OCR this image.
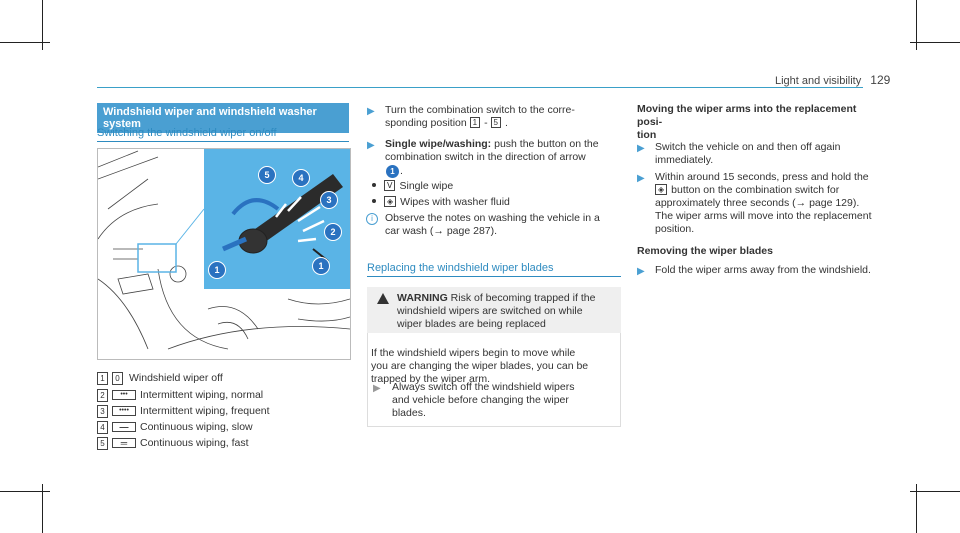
Light and visibility 129
Windshield wiper and windshield washer system
Switching the windshield wiper on/off
1
2
3
4
5
1
1	0 Windshield wiper off
2	•••	Intermittent wiping, normal
3	••••	Intermittent wiping, frequent
4	—	Continuous wiping, slow
5	═	Continuous wiping, fast
▶ Turn the combination switch to the corre-
sponding position 1 - 5 .
▶ Single wipe/washing: push the button on the
combination switch in the direction of arrow
1 .
Ⅴ Single wipe
◈ Wipes with washer fluid
i	Observe the notes on washing the vehicle in a
car wash (→ page 287).
Replacing the windshield wiper blades
WARNING Risk of becoming trapped if the
windshield wipers are switched on while
wiper blades are being replaced
If the windshield wipers begin to move while
you are changing the wiper blades, you can be
trapped by the wiper arm.
▶ Always switch off the windshield wipers
and vehicle before changing the wiper
blades.
Moving the wiper arms into the replacement posi-
tion
▶ Switch the vehicle on and then off again
immediately.
▶ Within around 15 seconds, press and hold the
◈ button on the combination switch for
approximately three seconds (→ page 129).
The wiper arms will move into the replacement
position.
Removing the wiper blades
▶ Fold the wiper arms away from the windshield.
